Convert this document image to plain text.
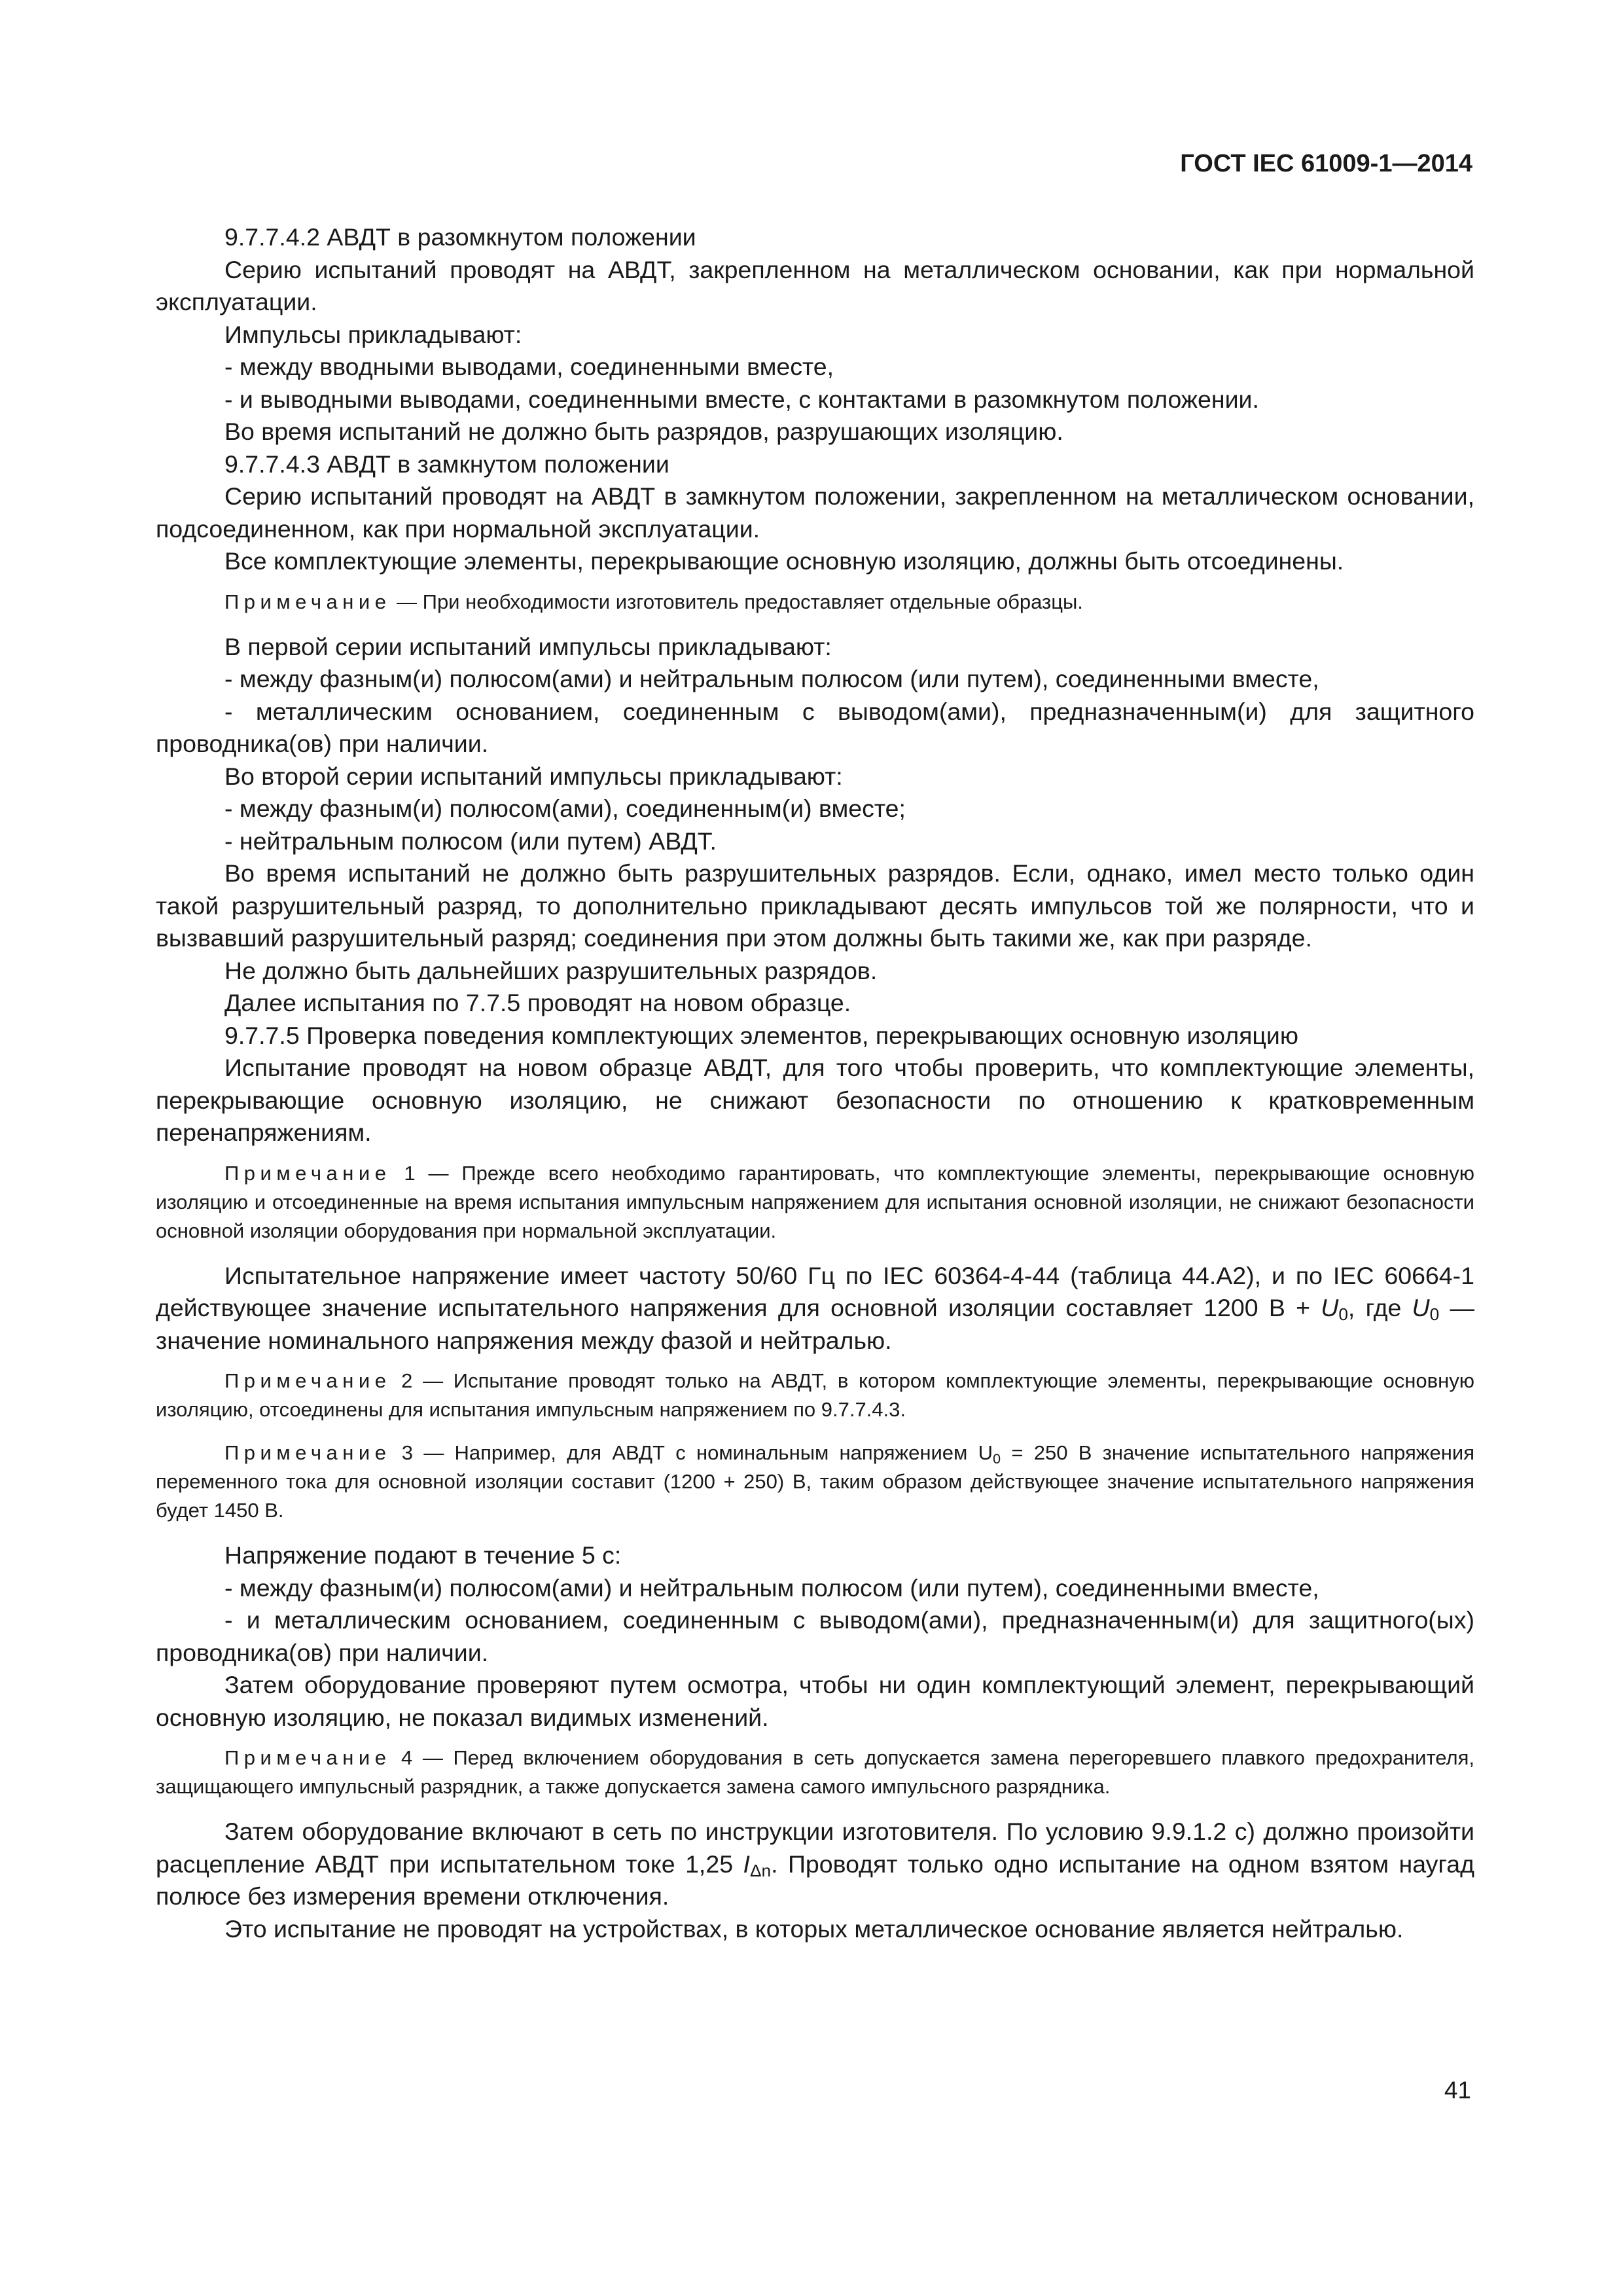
ГОСТ IEC 61009-1—2014

9.7.7.4.2 АВДТ в разомкнутом положении

Серию испытаний проводят на АВДТ, закрепленном на металлическом основании, как при нормальной эксплуатации.

Импульсы прикладывают:

- между вводными выводами, соединенными вместе,

- и выводными выводами, соединенными вместе, с контактами в разомкнутом положении.

Во время испытаний не должно быть разрядов, разрушающих изоляцию.

9.7.7.4.3 АВДТ в замкнутом положении

Серию испытаний проводят на АВДТ в замкнутом положении, закрепленном на металлическом основании, подсоединенном, как при нормальной эксплуатации.

Все комплектующие элементы, перекрывающие основную изоляцию, должны быть отсоединены.

Примечание — При необходимости изготовитель предоставляет отдельные образцы.

В первой серии испытаний импульсы прикладывают:

- между фазным(и) полюсом(ами) и нейтральным полюсом (или путем), соединенными вместе,

- металлическим основанием, соединенным с выводом(ами), предназначенным(и) для защитного проводника(ов) при наличии.

Во второй серии испытаний импульсы прикладывают:

- между фазным(и) полюсом(ами), соединенным(и) вместе;

- нейтральным полюсом (или путем) АВДТ.

Во время испытаний не должно быть разрушительных разрядов. Если, однако, имел место только один такой разрушительный разряд, то дополнительно прикладывают десять импульсов той же полярности, что и вызвавший разрушительный разряд; соединения при этом должны быть такими же, как при разряде.

Не должно быть дальнейших разрушительных разрядов.

Далее испытания по 7.7.5 проводят на новом образце.

9.7.7.5 Проверка поведения комплектующих элементов, перекрывающих основную изоляцию

Испытание проводят на новом образце АВДТ, для того чтобы проверить, что комплектующие элементы, перекрывающие основную изоляцию, не снижают безопасности по отношению к кратковременным перенапряжениям.

Примечание 1 — Прежде всего необходимо гарантировать, что комплектующие элементы, перекрывающие основную изоляцию и отсоединенные на время испытания импульсным напряжением для испытания основной изоляции, не снижают безопасности основной изоляции оборудования при нормальной эксплуатации.

Испытательное напряжение имеет частоту 50/60 Гц по IEC 60364-4-44 (таблица 44.А2), и по IEC 60664-1 действующее значение испытательного напряжения для основной изоляции составляет 1200 $В + U_0$, где $U_0$ — значение номинального напряжения между фазой и нейтралью.

Примечание 2 — Испытание проводят только на АВДТ, в котором комплектующие элементы, перекрывающие основную изоляцию, отсоединены для испытания импульсным напряжением по 9.7.7.4.3.

Примечание 3 — Например, для АВДТ с номинальным напряжением $U_0 = 250$ В значение испытательного напряжения переменного тока для основной изоляции составит (1200 + 250) В, таким образом действующее значение испытательного напряжения будет 1450 В.

Напряжение подают в течение 5 с:

- между фазным(и) полюсом(ами) и нейтральным полюсом (или путем), соединенными вместе,

- и металлическим основанием, соединенным с выводом(ами), предназначенным(и) для защитного(ых) проводника(ов) при наличии.

Затем оборудование проверяют путем осмотра, чтобы ни один комплектующий элемент, перекрывающий основную изоляцию, не показал видимых изменений.

Примечание 4 — Перед включением оборудования в сеть допускается замена перегоревшего плавкого предохранителя, защищающего импульсный разрядник, а также допускается замена самого импульсного разрядника.

Затем оборудование включают в сеть по инструкции изготовителя. По условию 9.9.1.2 с) должно произойти расцепление АВДТ при испытательном токе 1,25 $I_{\Delta n}$. Проводят только одно испытание на одном взятом наугад полюсе без измерения времени отключения.

Это испытание не проводят на устройствах, в которых металлическое основание является нейтралью.

41
